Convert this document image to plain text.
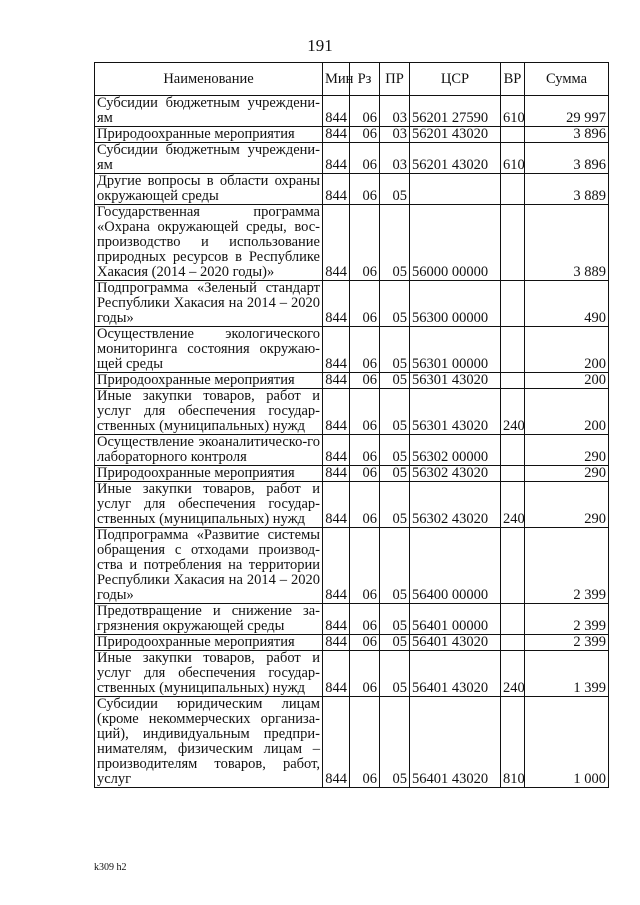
191
Наименование	Мин	Рз	ПР	ЦСР	ВР	Сумма
Субсидии бюджетным учреждени-ям	844	06	03	56201 27590	610	29 997
Природоохранные мероприятия	844	06	03	56201 43020		3 896
Субсидии бюджетным учреждени-ям	844	06	03	56201 43020	610	3 896
Другие вопросы в области охраны окружающей среды	844	06	05			3 889
Государственная программа «Охрана окружающей среды, вос-производство и использование природных ресурсов в Республике Хакасия (2014 – 2020 годы)»	844	06	05	56000 00000		3 889
Подпрограмма «Зеленый стандарт Республики Хакасия на 2014 – 2020 годы»	844	06	05	56300 00000		490
Осуществление экологического мониторинга состояния окружаю-щей среды	844	06	05	56301 00000		200
Природоохранные мероприятия	844	06	05	56301 43020		200
Иные закупки товаров, работ и услуг для обеспечения государ-ственных (муниципальных) нужд	844	06	05	56301 43020	240	200
Осуществление экоаналитическо-го лабораторного контроля	844	06	05	56302 00000		290
Природоохранные мероприятия	844	06	05	56302 43020		290
Иные закупки товаров, работ и услуг для обеспечения государ-ственных (муниципальных) нужд	844	06	05	56302 43020	240	290
Подпрограмма «Развитие системы обращения с отходами производ-ства и потребления на территории Республики Хакасия на 2014 – 2020 годы»	844	06	05	56400 00000		2 399
Предотвращение и снижение за-грязнения окружающей среды	844	06	05	56401 00000		2 399
Природоохранные мероприятия	844	06	05	56401 43020		2 399
Иные закупки товаров, работ и услуг для обеспечения государ-ственных (муниципальных) нужд	844	06	05	56401 43020	240	1 399
Субсидии юридическим лицам (кроме некоммерческих организа-ций), индивидуальным предпри-нимателям, физическим лицам – производителям товаров, работ, услуг	844	06	05	56401 43020	810	1 000
k309 h2
